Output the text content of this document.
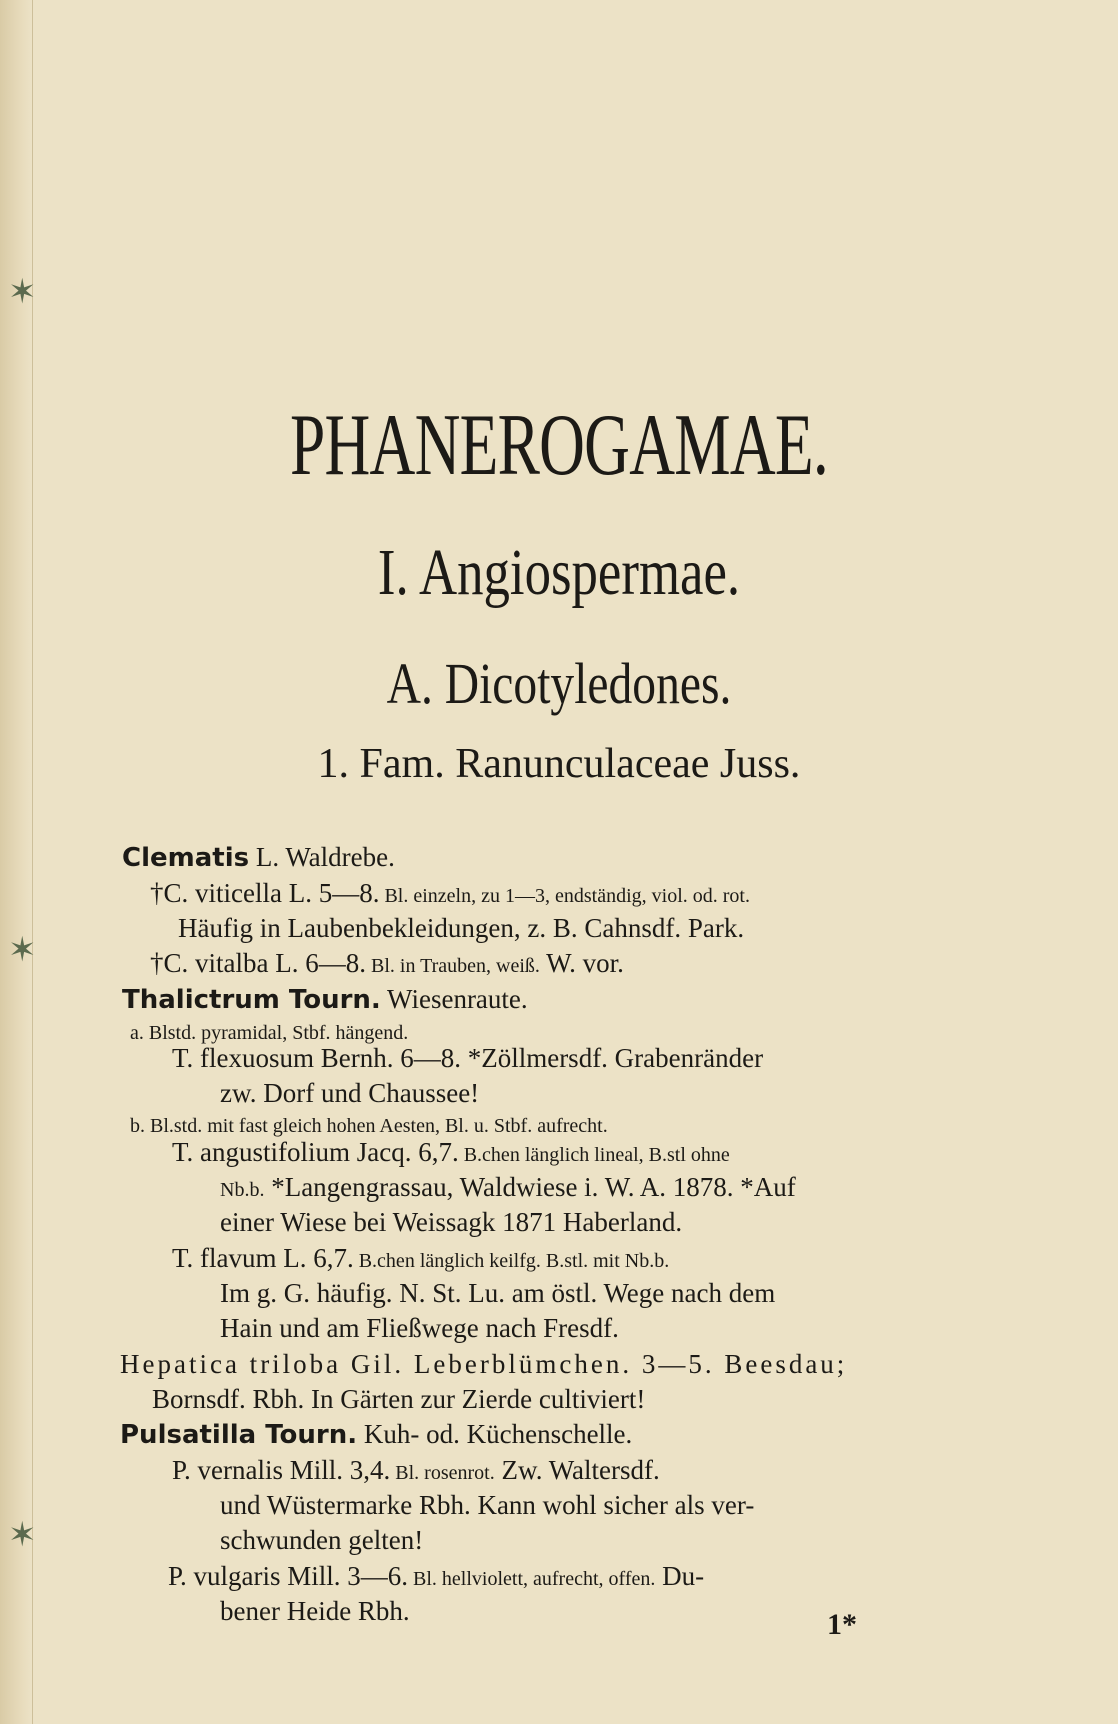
✶
✶
✶
PHANEROGAMAE.
I. Angiospermae.
A. Dicotyledones.
1. Fam. Ranunculaceae Juss.
Clematis L. Waldrebe.
†C. viticella L. 5—8. Bl. einzeln, zu 1—3, endständig, viol. od. rot.
Häufig in Laubenbekleidungen, z. B. Cahnsdf. Park.
†C. vitalba L. 6—8. Bl. in Trauben, weiß. W. vor.
Thalictrum Tourn. Wiesenraute.
a. Blstd. pyramidal, Stbf. hängend.
T. flexuosum Bernh. 6—8. *Zöllmersdf. Grabenränder
zw. Dorf und Chaussee!
b. Bl.std. mit fast gleich hohen Aesten, Bl. u. Stbf. aufrecht.
T. angustifolium Jacq. 6,7. B.chen länglich lineal, B.stl ohne
Nb.b. *Langengrassau, Waldwiese i. W. A. 1878. *Auf
einer Wiese bei Weissagk 1871 Haberland.
T. flavum L. 6,7. B.chen länglich keilfg. B.stl. mit Nb.b.
Im g. G. häufig. N. St. Lu. am östl. Wege nach dem
Hain und am Fließwege nach Fresdf.
Hepatica triloba Gil. Leberblümchen. 3—5. Beesdau;
Bornsdf. Rbh. In Gärten zur Zierde cultiviert!
Pulsatilla Tourn. Kuh- od. Küchenschelle.
P. vernalis Mill. 3,4. Bl. rosenrot. Zw. Waltersdf.
und Wüstermarke Rbh. Kann wohl sicher als ver-
schwunden gelten!
P. vulgaris Mill. 3—6. Bl. hellviolett, aufrecht, offen. Du-
bener Heide Rbh.	1*
